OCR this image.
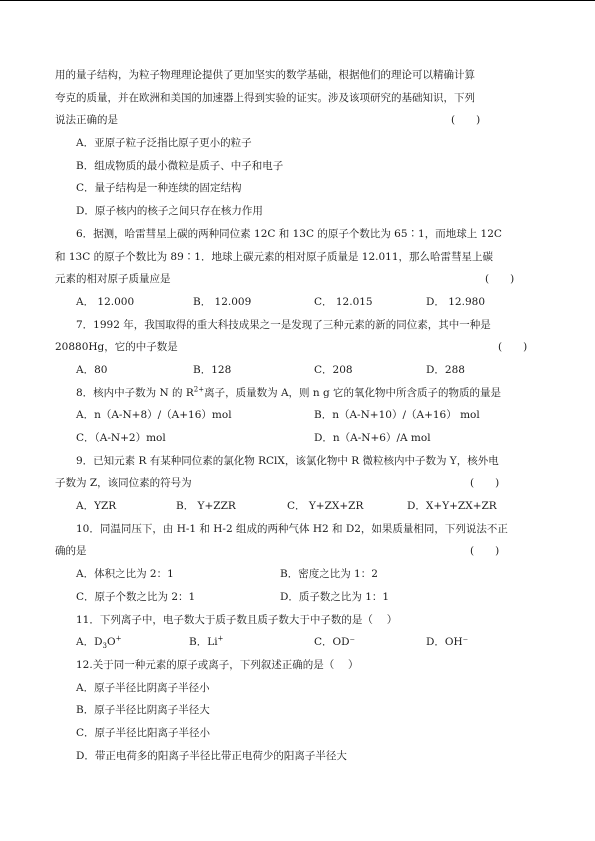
用的量子结构，为粒子物理理论提供了更加坚实的数学基础，根据他们的理论可以精确计算
夸克的质量，并在欧洲和美国的加速器上得到实验的证实。涉及该项研究的基础知识，下列
说法正确的是	(　　)
A．亚原子粒子泛指比原子更小的粒子
B．组成物质的最小微粒是质子、中子和电子
C．量子结构是一种连续的固定结构
D．原子核内的核子之间只存在核力作用
6．据测，哈雷彗星上碳的两种同位素 12C 和 13C 的原子个数比为 65∶1，而地球上 12C
和 13C 的原子个数比为 89∶1．地球上碳元素的相对原子质量是 12.011，那么哈雷彗星上碳
元素的相对原子质量应是	(　　)
A． 12.000	B． 12.009	C． 12.015	D． 12.980
7．1992 年，我国取得的重大科技成果之一是发现了三种元素的新的同位素，其中一种是
20880Hg，它的中子数是	(　　)
A．80	B．128	C．208	D．288
8．核内中子数为 N 的 $R^{2+}$离子，质量数为 A，则 n g 它的氧化物中所含质子的物质的量是
A．n（A-N+8）/（A+16）mol	B．n（A-N+10）/（A+16） mol
C．（A-N+2）mol	D．n（A-N+6）/A mol
9．已知元素 R 有某种同位素的氯化物 RClX，该氯化物中 R 微粒核内中子数为 Y，核外电
子数为 Z，该同位素的符号为	(　　)
A．YZR	B． Y+ZZR	C． Y+ZX+ZR	D．X+Y+ZX+ZR
10．同温同压下，由 H-1 和 H-2 组成的两种气体 H2 和 D2，如果质量相同，下列说法不正
确的是	(　　)
A．体积之比为 2：1	B．密度之比为 1：2
C．原子个数之比为 2：1	D．质子数之比为 1：1
11．下列离子中，电子数大于质子数且质子数大于中子数的是（　 ）
A．$D_3O^+$	B．Li+	C．OD⁻	D．OH⁻
12.关于同一种元素的原子或离子，下列叙述正确的是（　 ）
A．原子半径比阴离子半径小
B．原子半径比阴离子半径大
C．原子半径比阳离子半径小
D．带正电荷多的阳离子半径比带正电荷少的阳离子半径大
